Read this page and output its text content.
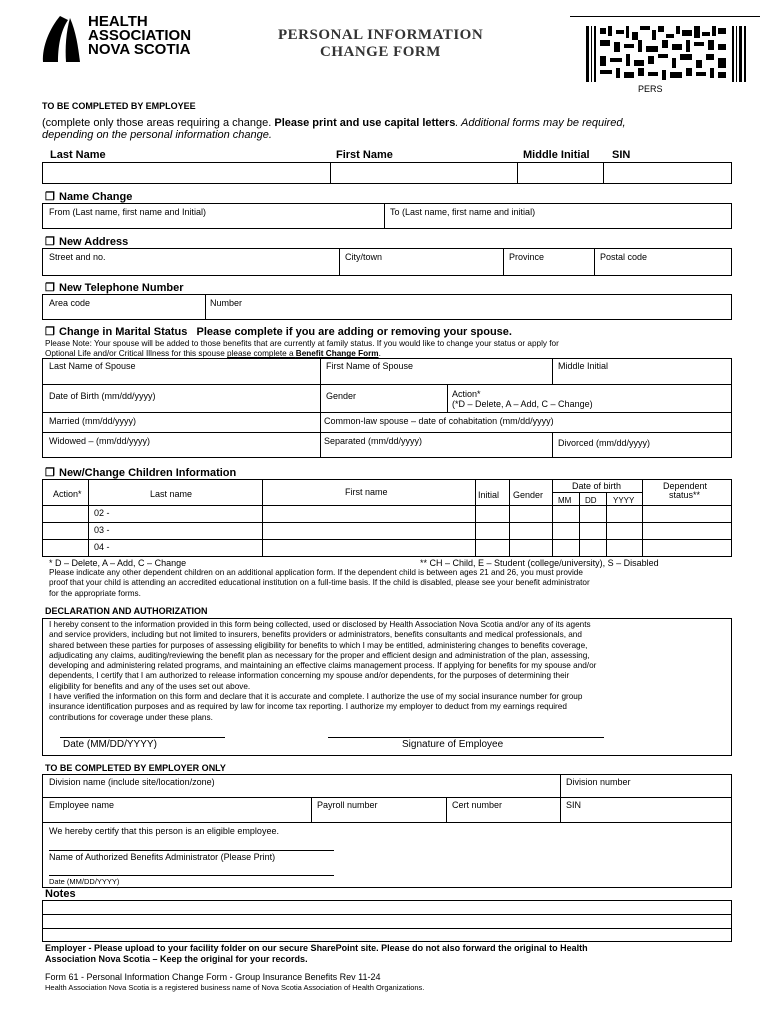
HEALTH
ASSOCIATION
NOVA SCOTIA
PERSONAL INFORMATION
CHANGE FORM
PERS
TO BE COMPLETED BY EMPLOYEE
(complete only those areas requiring a change. Please print and use capital letters. Additional forms may be required,
depending on the personal information change.
Last Name	First Name	Middle Initial SIN
❐ Name Change
From (Last name, first name and Initial)	To (Last name, first name and initial)
❐ New Address
Street and no.	City/town	Province	Postal code
❐ New Telephone Number
Area code	Number
❐ Change in Marital Status Please complete if you are adding or removing your spouse.
Please Note: Your spouse will be added to those benefits that are currently at family status. If you would like to change your status or apply for
Optional Life and/or Critical Illness for this spouse please complete a Benefit Change Form.
Last Name of Spouse	First Name of Spouse	Middle Initial
Date of Birth (mm/dd/yyyy)	Gender	Action*
(*D – Delete, A – Add, C – Change)
Married (mm/dd/yyyy)	Common-law spouse – date of cohabitation (mm/dd/yyyy)
Widowed – (mm/dd/yyyy)	Separated (mm/dd/yyyy)	Divorced (mm/dd/yyyy)
❐ New/Change Children Information
Action*	Last name	First name	Initial Gender
Date of birth
MM DD YYYY
Dependent
status**
02 -
03 -
04 -
* D – Delete, A – Add, C – Change	** CH – Child, E – Student (college/university), S – Disabled
Please indicate any other dependent children on an additional application form. If the dependent child is between ages 21 and 26, you must provide
proof that your child is attending an accredited educational institution on a full-time basis. If the child is disabled, please see your benefit administrator
for the appropriate forms.
DECLARATION AND AUTHORIZATION
I hereby consent to the information provided in this form being collected, used or disclosed by Health Association Nova Scotia and/or any of its agents
and service providers, including but not limited to insurers, benefits providers or administrators, benefits consultants and medical professionals, and
shared between these parties for purposes of assessing eligibility for benefits to which I may be entitled, administering changes to benefits coverage,
adjudicating any claims, auditing/reviewing the benefit plan as necessary for the proper and efficient design and administration of the plan, assessing,
developing and administering related programs, and maintaining an effective claims management process. If applying for benefits for my spouse and/or
dependents, I certify that I am authorized to release information concerning my spouse and/or dependents, for the purposes of determining their
eligibility for benefits and any of the uses set out above.
I have verified the information on this form and declare that it is accurate and complete. I authorize the use of my social insurance number for group
insurance identification purposes and as required by law for income tax reporting. I authorize my employer to deduct from my earnings required
contributions for coverage under these plans.
Date (MM/DD/YYYY)	Signature of Employee
TO BE COMPLETED BY EMPLOYER ONLY
Division name (include site/location/zone)	Division number
Employee name	Payroll number	Cert number	SIN
We hereby certify that this person is an eligible employee.
Name of Authorized Benefits Administrator (Please Print)
Date (MM/DD/YYYY)
Notes
Employer - Please upload to your facility folder on our secure SharePoint site. Please do not also forward the original to Health
Association Nova Scotia – Keep the original for your records.
Form 61 - Personal Information Change Form - Group Insurance Benefits Rev 11-24
Health Association Nova Scotia is a registered business name of Nova Scotia Association of Health Organizations.
